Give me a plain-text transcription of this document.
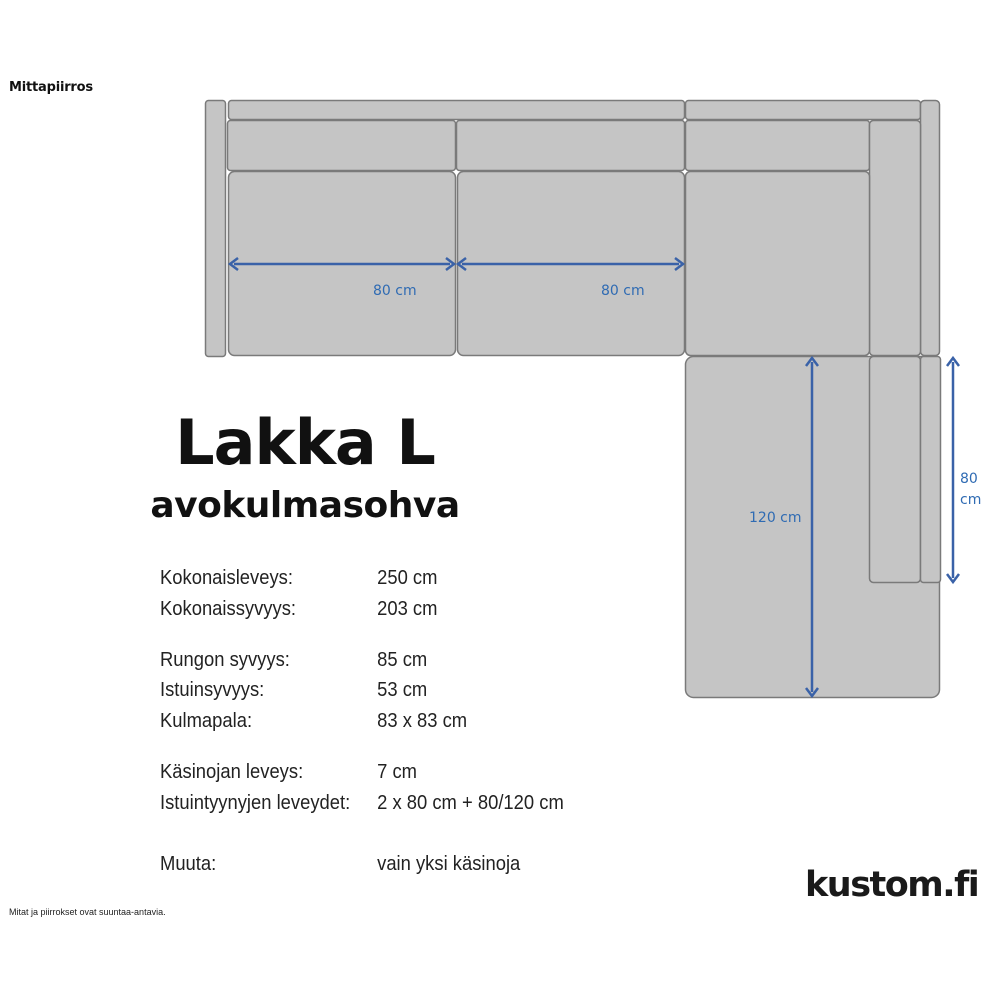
Mittapiirros
80 cm	80 cm
120 cm
80
cm
Lakka L
avokulmasohva
Kokonaisleveys:	250 cm
Kokonaissyvyys:	203 cm
Rungon syvyys:	85 cm
Istuinsyvyys:	53 cm
Kulmapala:	83 x 83 cm
Käsinojan leveys:	7 cm
Istuintyynyjen leveydet: 2 x 80 cm + 80/120 cm
Muuta:	vain yksi käsinoja
Mitat ja piirrokset ovat suuntaa-antavia.
kustom.fi
